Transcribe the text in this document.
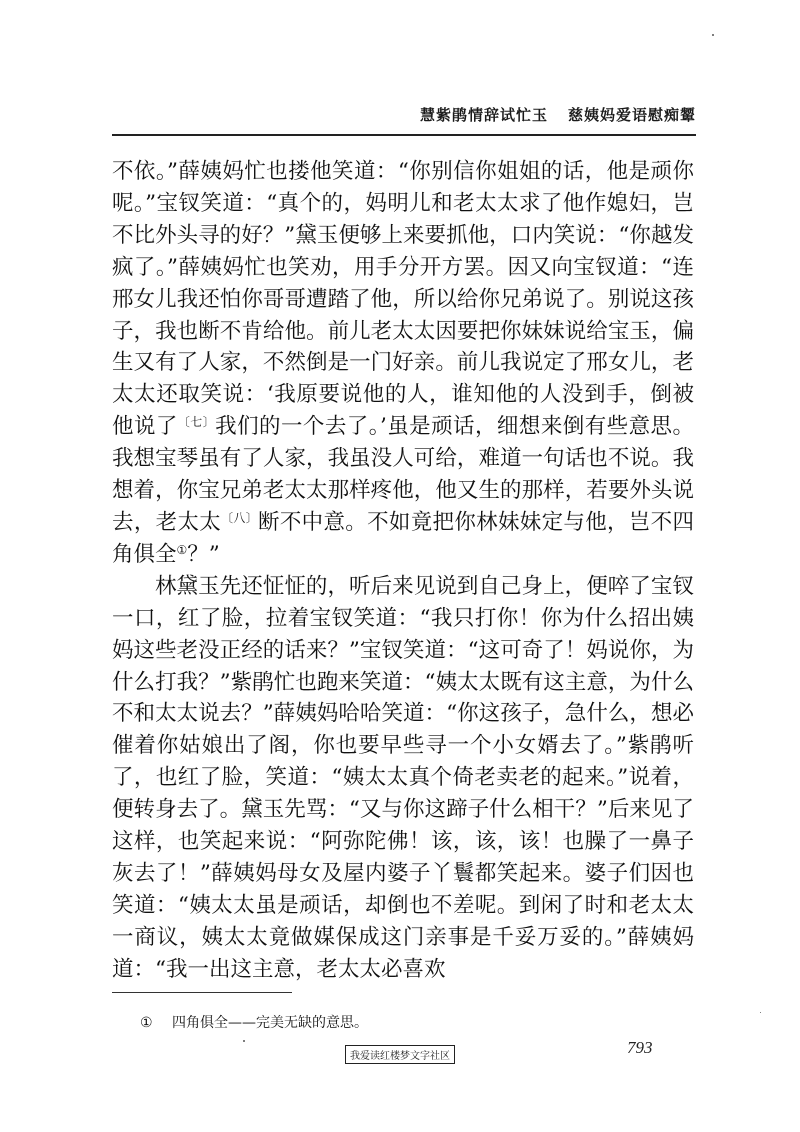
慧紫鹃情辞试忙玉 慈姨妈爱语慰痴颦

不依。”薛姨妈忙也搂他笑道：“你别信你姐姐的话，他是顽你呢。”宝钗笑道：“真个的，妈明儿和老太太求了他作媳妇，岂不比外头寻的好？”黛玉便够上来要抓他，口内笑说：“你越发疯了。”薛姨妈忙也笑劝，用手分开方罢。因又向宝钗道：“连邢女儿我还怕你哥哥遭踏了他，所以给你兄弟说了。别说这孩子，我也断不肯给他。前儿老太太因要把你妹妹说给宝玉，偏生又有了人家，不然倒是一门好亲。前儿我说定了邢女儿，老太太还取笑说：‘我原要说他的人，谁知他的人没到手，倒被他说了$^{〔七〕}$我们的一个去了。’虽是顽话，细想来倒有些意思。我想宝琴虽有了人家，我虽没人可给，难道一句话也不说。我想着，你宝兄弟老太太那样疼他，他又生的那样，若要外头说去，老太太$^{〔八〕}$断不中意。不如竟把你林妹妹定与他，岂不四角俱全①？”

林黛玉先还怔怔的，听后来见说到自己身上，便啐了宝钗一口，红了脸，拉着宝钗笑道：“我只打你！你为什么招出姨妈这些老没正经的话来？”宝钗笑道：“这可奇了！妈说你，为什么打我？”紫鹃忙也跑来笑道：“姨太太既有这主意，为什么不和太太说去？”薛姨妈哈哈笑道：“你这孩子，急什么，想必催着你姑娘出了阁，你也要早些寻一个小女婿去了。”紫鹃听了，也红了脸，笑道：“姨太太真个倚老卖老的起来。”说着，便转身去了。黛玉先骂：“又与你这蹄子什么相干？”后来见了这样，也笑起来说：“阿弥陀佛！该，该，该！也臊了一鼻子灰去了！”薛姨妈母女及屋内婆子丫鬟都笑起来。婆子们因也笑道：“姨太太虽是顽话，却倒也不差呢。到闲了时和老太太一商议，姨太太竟做媒保成这门亲事是千妥万妥的。”薛姨妈道：“我一出这主意，老太太必喜欢

① 四角俱全——完美无缺的意思。
我爱读红楼梦文字社区	793
